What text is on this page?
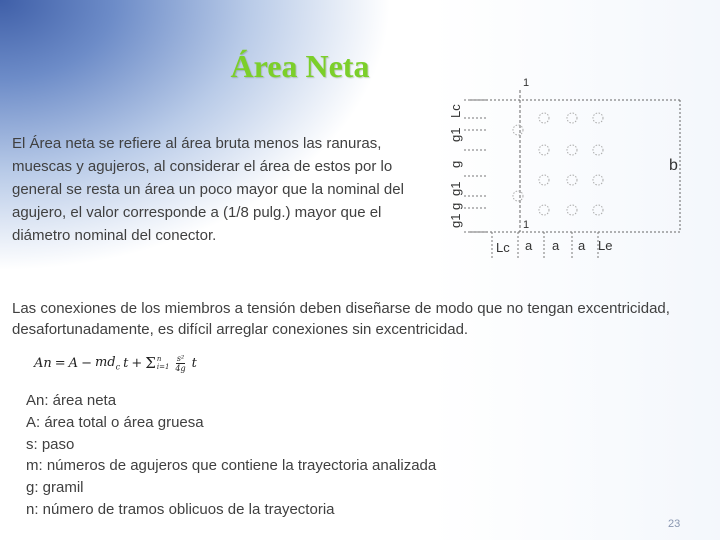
Área Neta
El Área neta se refiere al área bruta menos las ranuras, muescas y agujeros, al considerar el área de estos por lo general se resta un área un poco mayor que la nominal del agujero, el valor corresponde a (1/8 pulg.) mayor que el diámetro nominal del conector.
g1
g
g1
g
g1
Lc
Lc a a a Le
1
1
b
Las conexiones de los miembros a tensión deben diseñarse de modo que no tengan excentricidad, desafortunadamente, es difícil arreglar conexiones sin excentricidad.
$An = A - md_c$ t + Σ n
$i=1 \frac{\text{s²}}{4g}$ t
An: área neta
A: área total o área gruesa
s: paso
m: números de agujeros que contiene la trayectoria analizada
g: gramil
n: número de tramos oblicuos de la trayectoria
23
